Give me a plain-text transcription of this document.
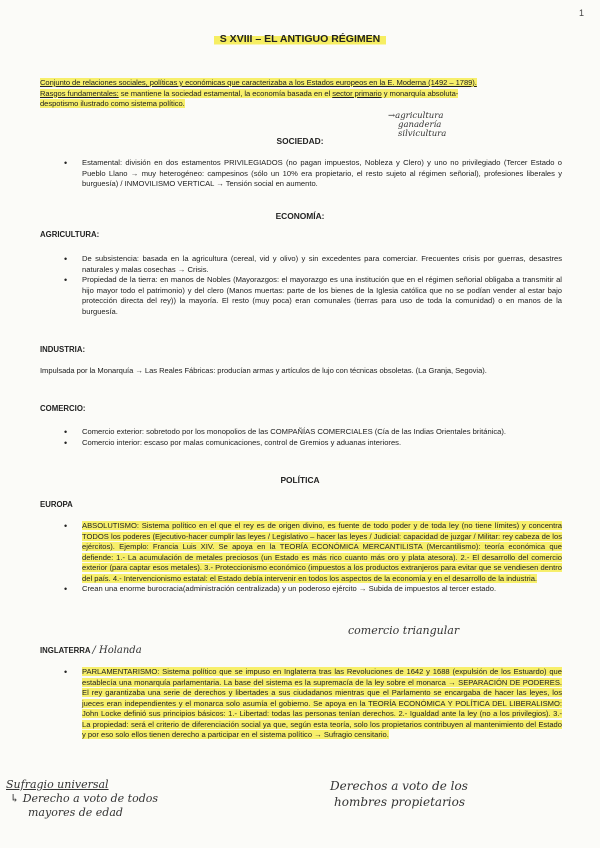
1
S XVIII – EL ANTIGUO RÉGIMEN
Conjunto de relaciones sociales, políticas y económicas que caracterizaba a los Estados europeos en la E. Moderna (1492 – 1789).
Rasgos fundamentales: se mantiene la sociedad estamental, la economía basada en el sector primario y monarquía absoluta-
despotismo ilustrado como sistema político.
→agricultura
ganadería
silvicultura
SOCIEDAD:
• Estamental: división en dos estamentos PRIVILEGIADOS (no pagan impuestos, Nobleza y Clero) y uno no privilegiado (Tercer Estado o Pueblo Llano → muy heterogéneo: campesinos (sólo un 10% era propietario, el resto sujeto al régimen señorial), profesiones liberales y burguesía) / INMOVILISMO VERTICAL → Tensión social en aumento.
ECONOMÍA:
AGRICULTURA:
• De subsistencia: basada en la agricultura (cereal, vid y olivo) y sin excedentes para comerciar. Frecuentes crisis por guerras, desastres naturales y malas cosechas → Crisis.
• Propiedad de la tierra: en manos de Nobles (Mayorazgos: el mayorazgo es una institución que en el régimen señorial obligaba a transmitir al hijo mayor todo el patrimonio) y del clero (Manos muertas: parte de los bienes de la Iglesia católica que no se podían vender al estar bajo protección directa del rey)) la mayoría. El resto (muy poca) eran comunales (tierras para uso de toda la comunidad) o en manos de la burguesía.
INDUSTRIA:
Impulsada por la Monarquía → Las Reales Fábricas: producían armas y artículos de lujo con técnicas obsoletas. (La Granja, Segovia).
COMERCIO:
• Comercio exterior: sobretodo por los monopolios de las COMPAÑÍAS COMERCIALES (Cía de las Indias Orientales británica).
• Comercio interior: escaso por malas comunicaciones, control de Gremios y aduanas interiores.
POLÍTICA
EUROPA
• ABSOLUTISMO: Sistema político en el que el rey es de origen divino, es fuente de todo poder y de toda ley (no tiene límites) y concentra TODOS los poderes (Ejecutivo-hacer cumplir las leyes / Legislativo – hacer las leyes / Judicial: capacidad de juzgar / Militar: rey cabeza de los ejércitos). Ejemplo: Francia Luis XIV. Se apoya en la TEORÍA ECONÓMICA MERCANTILISTA (Mercantilismo): teoría económica que defiende: 1.- La acumulación de metales preciosos (un Estado es más rico cuanto más oro y plata atesora). 2.- El desarrollo del comercio exterior (para captar esos metales). 3.- Proteccionismo económico (impuestos a los productos extranjeros para evitar que se vendiesen dentro del país. 4.- Intervencionismo estatal: el Estado debía intervenir en todos los aspectos de la economía y en el desarrollo de la industria.
• Crean una enorme burocracia(administración centralizada) y un poderoso ejército → Subida de impuestos al tercer estado.
comercio triangular
INGLATERRA / Holanda
• PARLAMENTARISMO: Sistema político que se impuso en Inglaterra tras las Revoluciones de 1642 y 1688 (expulsión de los Estuardo) que establecía una monarquía parlamentaria. La base del sistema es la supremacía de la ley sobre el monarca → SEPARACIÓN DE PODERES. El rey garantizaba una serie de derechos y libertades a sus ciudadanos mientras que el Parlamento se encargaba de hacer las leyes, los jueces eran independientes y el monarca solo asumía el gobierno. Se apoya en la TEORÍA ECONÓMICA Y POLÍTICA DEL LIBERALISMO: John Locke definió sus principios básicos: 1.- Libertad: todas las personas tenían derechos. 2.- Igualdad ante la ley (no a los privilegios). 3.- La propiedad: será el criterio de diferenciación social ya que, según esta teoría, solo los propietarios contribuyen al mantenimiento del Estado y por eso solo ellos tienen derecho a participar en el sistema político → Sufragio censitario.
Sufragio universal
↳ Derecho a voto de todos
mayores de edad
Derechos a voto de los
hombres propietarios
